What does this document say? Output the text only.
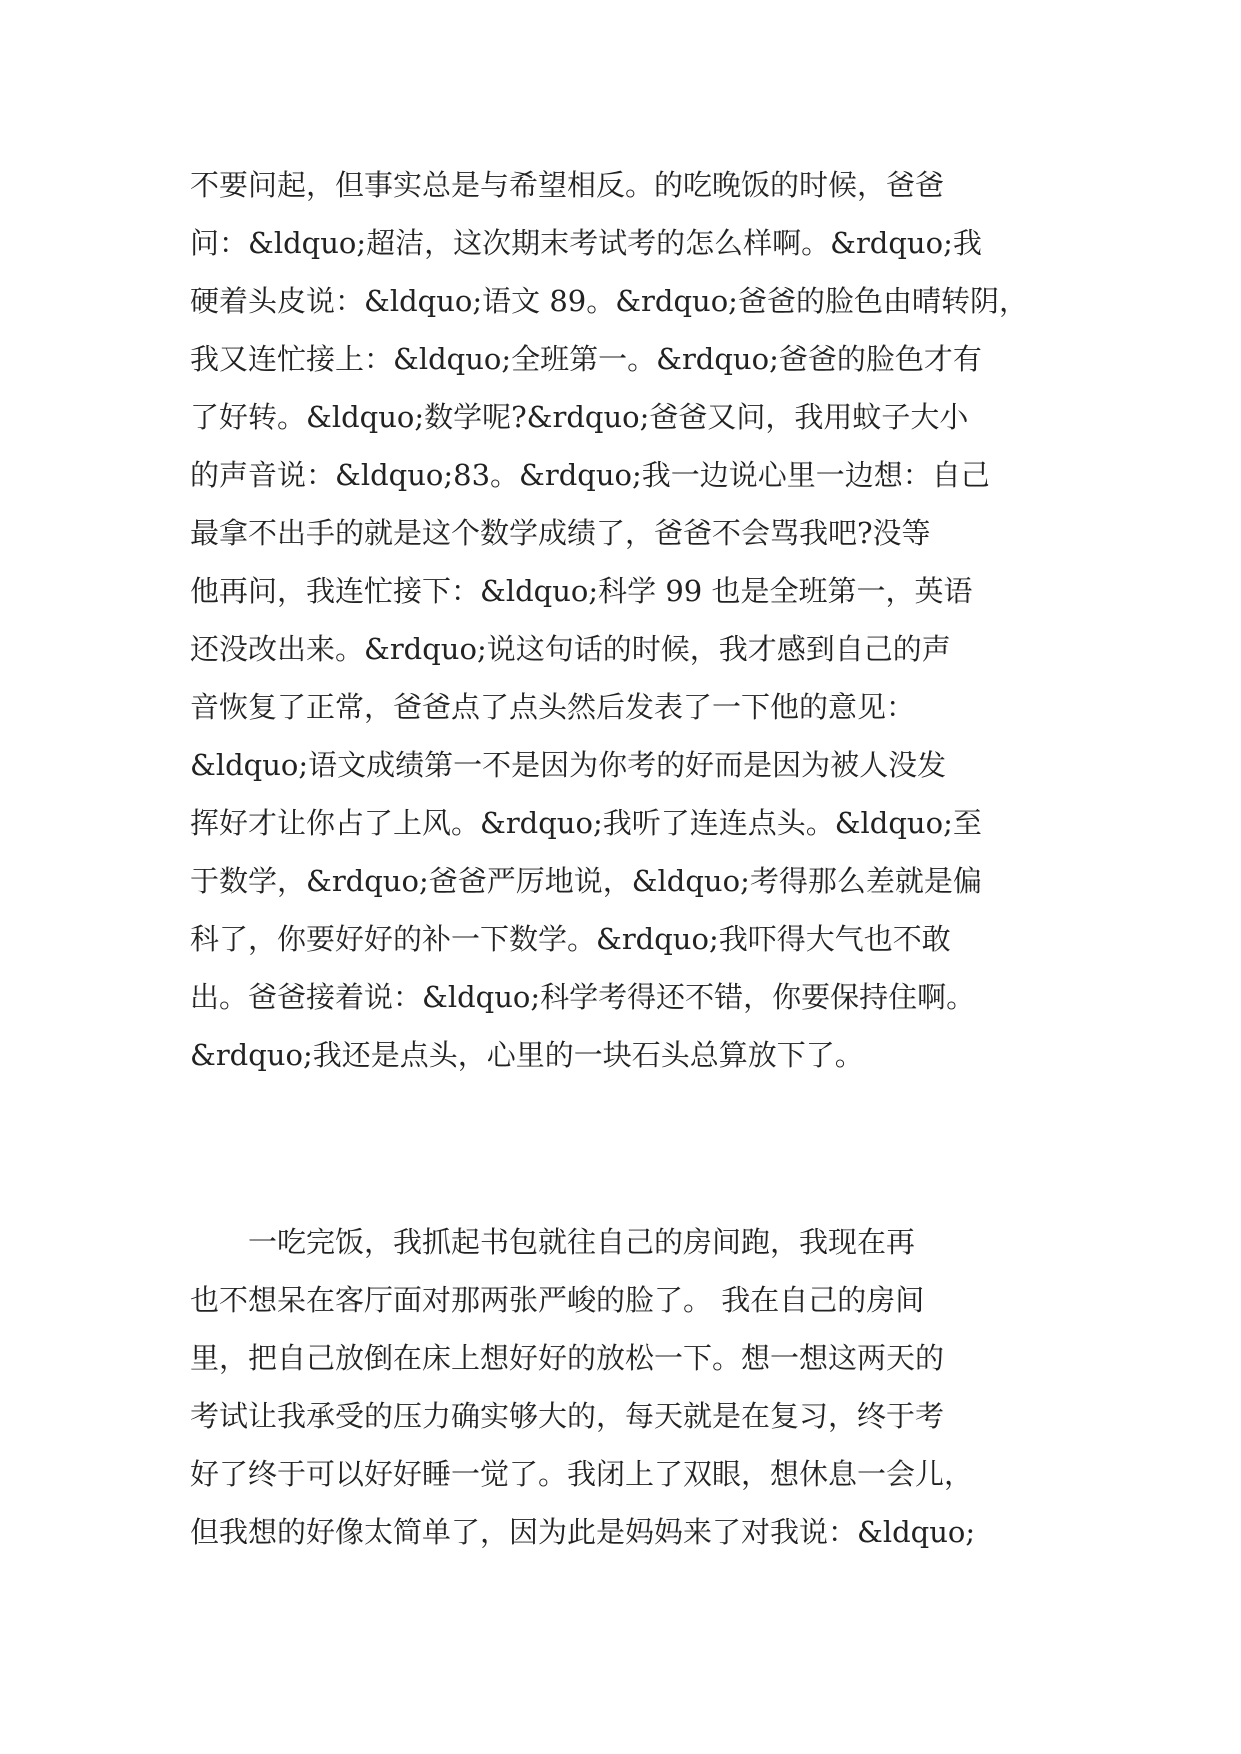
不要问起，但事实总是与希望相反。的吃晚饭的时候，爸爸
问：&ldquo;超洁，这次期末考试考的怎么样啊。&rdquo;我
硬着头皮说：&ldquo;语文 89。&rdquo;爸爸的脸色由晴转阴，
我又连忙接上：&ldquo;全班第一。&rdquo;爸爸的脸色才有
了好转。&ldquo;数学呢?&rdquo;爸爸又问，我用蚊子大小
的声音说：&ldquo;83。&rdquo;我一边说心里一边想：自己
最拿不出手的就是这个数学成绩了，爸爸不会骂我吧?没等
他再问，我连忙接下：&ldquo;科学 99 也是全班第一，英语
还没改出来。&rdquo;说这句话的时候，我才感到自己的声
音恢复了正常，爸爸点了点头然后发表了一下他的意见：
&ldquo;语文成绩第一不是因为你考的好而是因为被人没发
挥好才让你占了上风。&rdquo;我听了连连点头。&ldquo;至
于数学，&rdquo;爸爸严厉地说，&ldquo;考得那么差就是偏
科了，你要好好的补一下数学。&rdquo;我吓得大气也不敢
出。爸爸接着说：&ldquo;科学考得还不错，你要保持住啊。
&rdquo;我还是点头，心里的一块石头总算放下了。
　　一吃完饭，我抓起书包就往自己的房间跑，我现在再
也不想呆在客厅面对那两张严峻的脸了。 我在自己的房间
里，把自己放倒在床上想好好的放松一下。想一想这两天的
考试让我承受的压力确实够大的，每天就是在复习，终于考
好了终于可以好好睡一觉了。我闭上了双眼，想休息一会儿，
但我想的好像太简单了，因为此是妈妈来了对我说：&ldquo;
